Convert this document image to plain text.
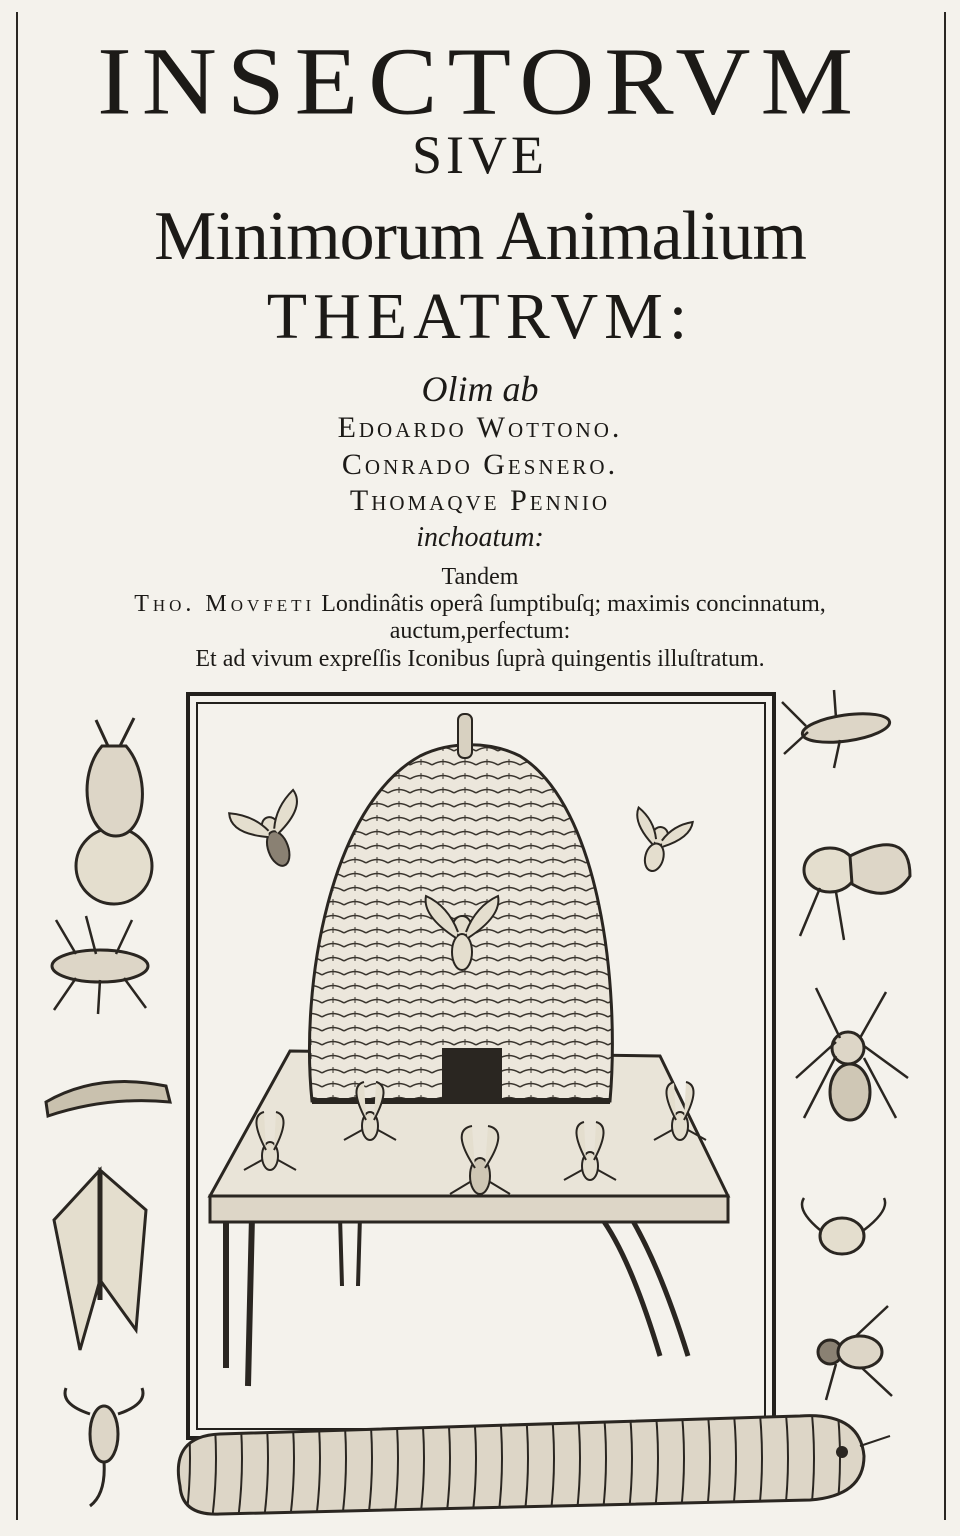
INSECTORVM
SIVE
Minimorum Animalium
THEATRVM:
Olim ab
Edoardo Wottono.
Conrado Gesnero.
Thomaqve Pennio
inchoatum:
Tandem
Tho. Movfeti Londinâtis operâ ſumptibuſq; maximis concinnatum,
auctum,perfectum:
Et ad vivum expreſſis Iconibus ſuprà quingentis illuſtratum.
